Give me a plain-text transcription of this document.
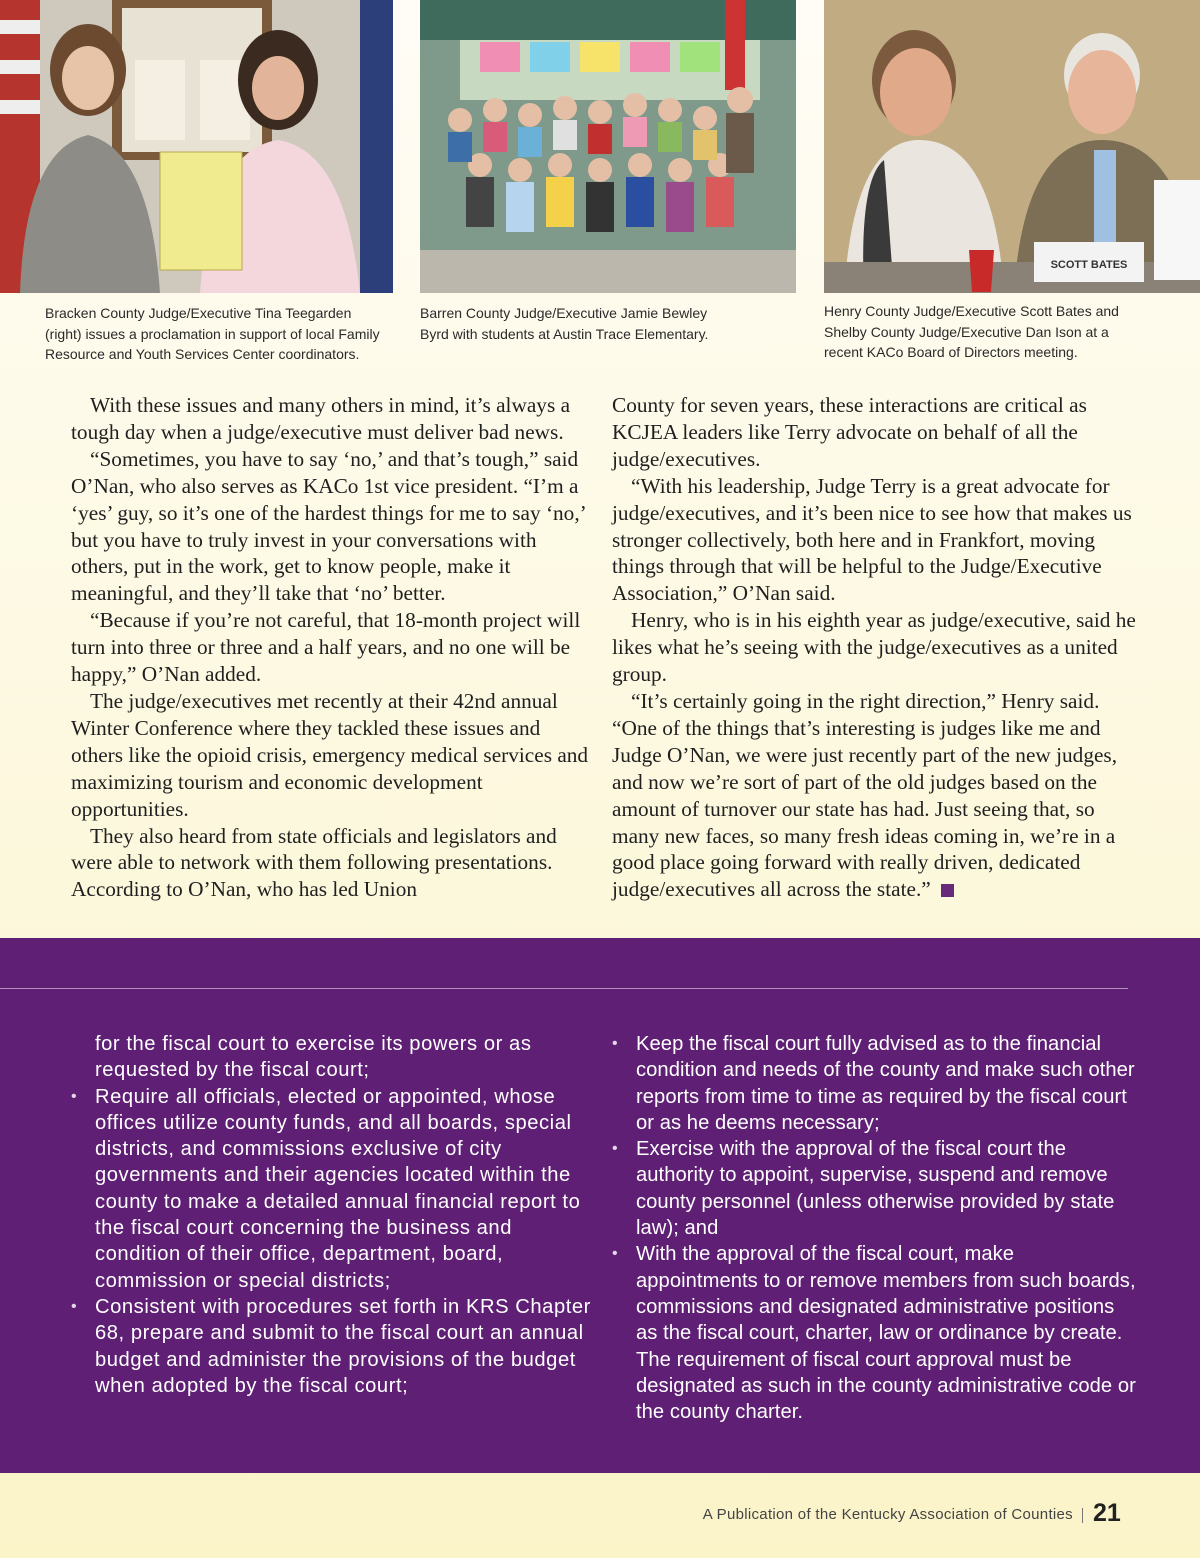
SCOTT BATES
Bracken County Judge/Executive Tina Teegarden
(right) issues a proclamation in support of local Family
Resource and Youth Services Center coordinators.
Barren County Judge/Executive Jamie Bewley
Byrd with students at Austin Trace Elementary.
Henry County Judge/Executive Scott Bates and
Shelby County Judge/Executive Dan Ison at a
recent KACo Board of Directors meeting.

With these issues and many others in mind, it’s always a tough day when a judge/executive must deliver bad news.

“Sometimes, you have to say ‘no,’ and that’s tough,” said O’Nan, who also serves as KACo 1st vice president. “I’m a ‘yes’ guy, so it’s one of the hardest things for me to say ‘no,’ but you have to truly invest in your conversations with others, put in the work, get to know people, make it meaningful, and they’ll take that ‘no’ better.

“Because if you’re not careful, that 18-month project will turn into three or three and a half years, and no one will be happy,” O’Nan added.

The judge/executives met recently at their 42nd annual Winter Conference where they tackled these issues and others like the opioid crisis, emergency medical services and maximizing tourism and economic development opportunities.

They also heard from state officials and legislators and were able to network with them following presentations. According to O’Nan, who has led Union

County for seven years, these interactions are critical as KCJEA leaders like Terry advocate on behalf of all the judge/executives.

“With his leadership, Judge Terry is a great advocate for judge/executives, and it’s been nice to see how that makes us stronger collectively, both here and in Frankfort, moving things through that will be helpful to the Judge/Executive Association,” O’Nan said.

Henry, who is in his eighth year as judge/executive, said he likes what he’s seeing with the judge/executives as a united group.

“It’s certainly going in the right direction,” Henry said. “One of the things that’s interesting is judges like me and Judge O’Nan, we were just recently part of the new judges, and now we’re sort of part of the old judges based on the amount of turnover our state has had. Just seeing that, so many new faces, so many fresh ideas coming in, we’re in a good place going forward with really driven, dedicated judge/executives all across the state.”

for the fiscal court to exercise its powers or as requested by the fiscal court;
• Require all officials, elected or appointed, whose offices utilize county funds, and all boards, special districts, and commissions exclusive of city governments and their agencies located within the county to make a detailed annual financial report to the fiscal court concerning the business and condition of their office, department, board, commission or special districts;
• Consistent with procedures set forth in KRS Chapter 68, prepare and submit to the fiscal court an annual budget and administer the provisions of the budget when adopted by the fiscal court;
• Keep the fiscal court fully advised as to the financial condition and needs of the county and make such other reports from time to time as required by the fiscal court or as he deems necessary;
• Exercise with the approval of the fiscal court the authority to appoint, supervise, suspend and remove county personnel (unless otherwise provided by state law); and
• With the approval of the fiscal court, make appointments to or remove members from such boards, commissions and designated administrative positions as the fiscal court, charter, law or ordinance by create. The requirement of fiscal court approval must be designated as such in the county administrative code or the county charter.
A Publication of the Kentucky Association of Counties 21
